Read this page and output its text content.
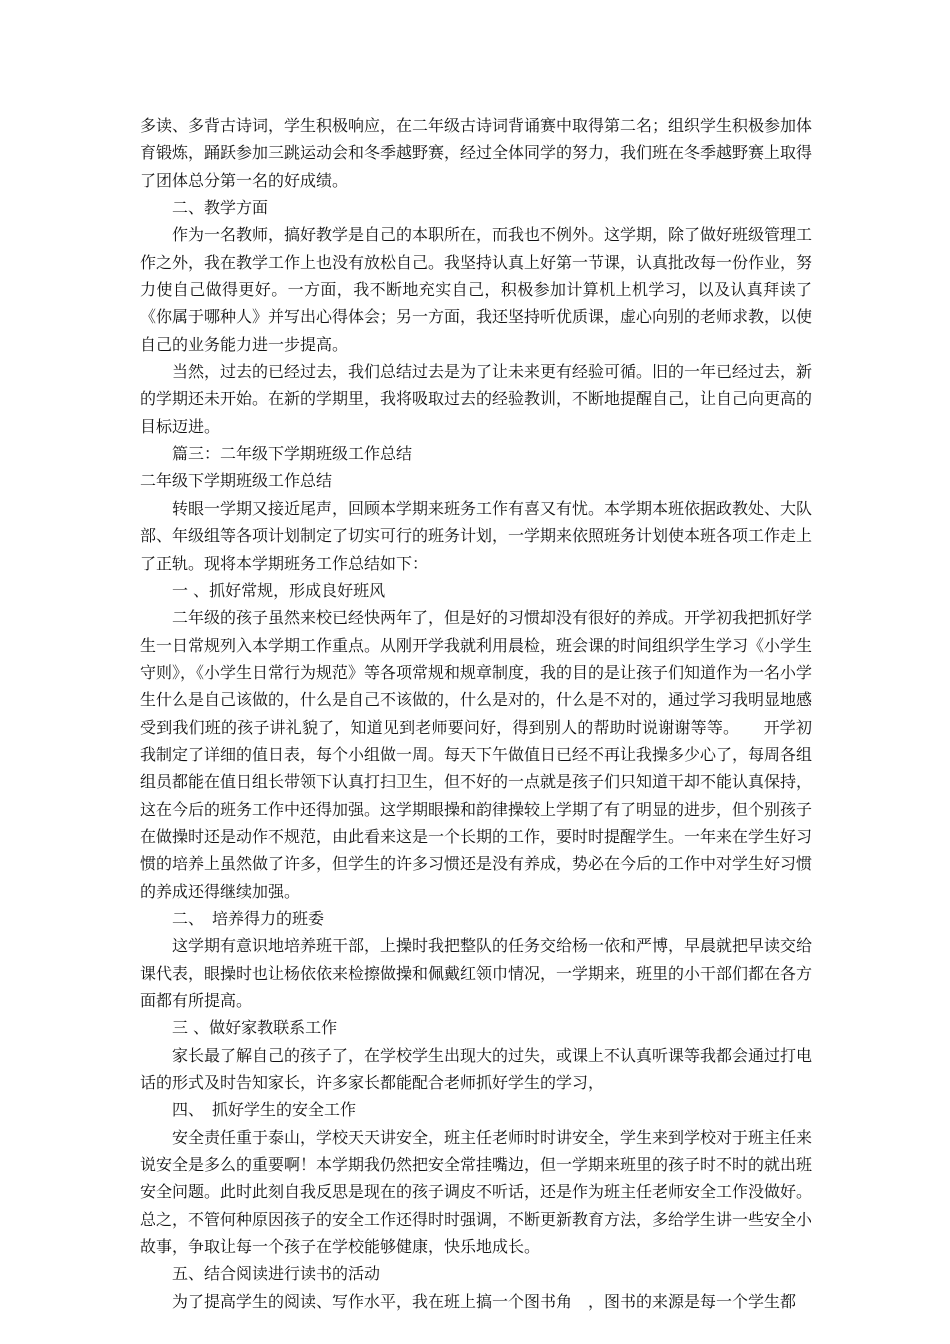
多读、多背古诗词，学生积极响应，在二年级古诗词背诵赛中取得第二名；组织学生积极参加体育锻炼，踊跃参加三跳运动会和冬季越野赛，经过全体同学的努力，我们班在冬季越野赛上取得了团体总分第一名的好成绩。

二、教学方面

作为一名教师，搞好教学是自己的本职所在，而我也不例外。这学期，除了做好班级管理工作之外，我在教学工作上也没有放松自己。我坚持认真上好第一节课，认真批改每一份作业，努力使自己做得更好。一方面，我不断地充实自己，积极参加计算机上机学习，以及认真拜读了《你属于哪种人》并写出心得体会；另一方面，我还坚持听优质课，虚心向别的老师求教，以使自己的业务能力进一步提高。

当然，过去的已经过去，我们总结过去是为了让未来更有经验可循。旧的一年已经过去，新的学期还未开始。在新的学期里，我将吸取过去的经验教训，不断地提醒自己，让自己向更高的目标迈进。

篇三：二年级下学期班级工作总结

二年级下学期班级工作总结

转眼一学期又接近尾声，回顾本学期来班务工作有喜又有忧。本学期本班依据政教处、大队部、年级组等各项计划制定了切实可行的班务计划，一学期来依照班务计划使本班各项工作走上了正轨。现将本学期班务工作总结如下：

一 、抓好常规，形成良好班风

二年级的孩子虽然来校已经快两年了，但是好的习惯却没有很好的养成。开学初我把抓好学生一日常规列入本学期工作重点。从刚开学我就利用晨检，班会课的时间组织学生学习《小学生守则》，《小学生日常行为规范》等各项常规和规章制度，我的目的是让孩子们知道作为一名小学生什么是自己该做的，什么是自己不该做的，什么是对的，什么是不对的，通过学习我明显地感受到我们班的孩子讲礼貌了，知道见到老师要问好，得到别人的帮助时说谢谢等等。　　开学初我制定了详细的值日表，每个小组做一周。每天下午做值日已经不再让我操多少心了，每周各组组员都能在值日组长带领下认真打扫卫生，但不好的一点就是孩子们只知道干却不能认真保持，这在今后的班务工作中还得加强。这学期眼操和韵律操较上学期了有了明显的进步，但个别孩子在做操时还是动作不规范，由此看来这是一个长期的工作，要时时提醒学生。一年来在学生好习惯的培养上虽然做了许多，但学生的许多习惯还是没有养成，势必在今后的工作中对学生好习惯的养成还得继续加强。

二、　培养得力的班委

这学期有意识地培养班干部，上操时我把整队的任务交给杨一依和严博，早晨就把早读交给课代表，眼操时也让杨依依来检擦做操和佩戴红领巾情况，一学期来，班里的小干部们都在各方面都有所提高。

三 、做好家教联系工作

家长最了解自己的孩子了，在学校学生出现大的过失，或课上不认真听课等我都会通过打电话的形式及时告知家长，许多家长都能配合老师抓好学生的学习，

四、　抓好学生的安全工作

安全责任重于泰山，学校天天讲安全，班主任老师时时讲安全，学生来到学校对于班主任来说安全是多么的重要啊！本学期我仍然把安全常挂嘴边，但一学期来班里的孩子时不时的就出班安全问题。此时此刻自我反思是现在的孩子调皮不听话，还是作为班主任老师安全工作没做好。总之，不管何种原因孩子的安全工作还得时时强调，不断更新教育方法，多给学生讲一些安全小故事，争取让每一个孩子在学校能够健康，快乐地成长。

五、结合阅读进行读书的活动

为了提高学生的阅读、写作水平，我在班上搞一个图书角　，图书的来源是每一个学生都
